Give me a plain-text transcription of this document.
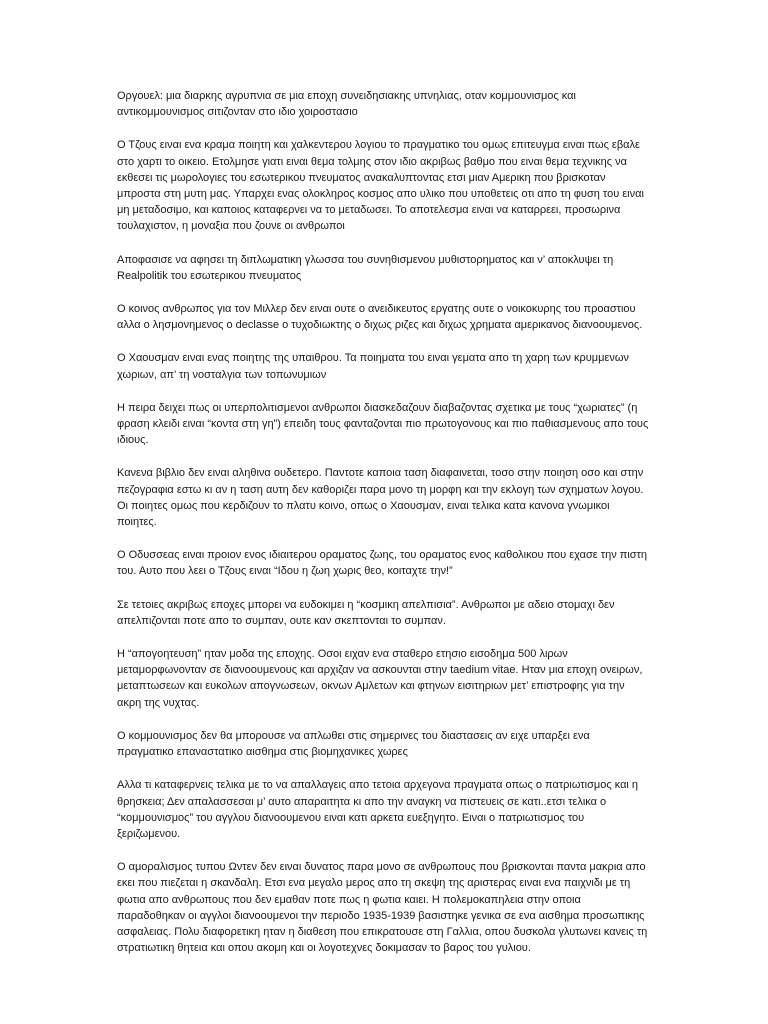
Οργουελ: μια διαρκης αγρυπνια σε μια εποχη συνειδησιακης υπνηλιας, οταν κομμουνισμος και αντικομμουνισμος σιτιζονταν στο ιδιο χοιροστασιο

Ο Τζους ειναι ενα κραμα ποιητη και χαλκεντερου λογιου το πραγματικο του ομως επιτευγμα ειναι πως εβαλε στο χαρτι το οικειο. Ετολμησε γιατι ειναι θεμα τολμης στον ιδιο ακριβως βαθμο που ειναι θεμα τεχνικης να εκθεσει τις μωρολογιες του εσωτερικου πνευματος ανακαλυπτοντας ετσι μιαν Αμερικη που βρισκοταν μπροστα στη μυτη μας. Υπαρχει ενας ολοκληρος κοσμος απο υλικο που υποθετεις οτι απο τη φυση του ειναι μη μεταδοσιμο, και καποιος καταφερνει να το μεταδωσει. Το αποτελεσμα ειναι να καταρρεει, προσωρινα τουλαχιστον, η μοναξια που ζουνε οι ανθρωποι

Αποφασισε να αφησει τη διπλωματικη γλωσσα του συνηθισμενου μυθιστορηματος και ν’ αποκλυψει τη Realpolitik του εσωτερικου πνευματος

Ο κοινος ανθρωπος για τον Μιλλερ δεν ειναι ουτε ο ανειδικευτος εργατης ουτε ο νοικοκυρης του προαστιου αλλα ο λησμονημενος ο declasse ο τυχοδιωκτης ο διχως ριζες και διχως χρηματα αμερικανος διανοουμενος.

Ο Χαουσμαν ειναι ενας ποιητης της υπαιθρου. Τα ποιηματα του ειναι γεματα απο τη χαρη των κρυμμενων χωριων, απ’ τη νοσταλγια των τοπωνυμιων

Η πειρα δειχει πως οι υπερπολιτισμενοι ανθρωποι διασκεδαζουν διαβαζοντας σχετικα με τους “χωριατες” (η φραση κλειδι ειναι “κοντα στη γη”) επειδη τους φανταζονται πιο πρωτογονους και πιο παθιασμενους απο τους ιδιους.

Κανενα βιβλιο δεν ειναι αληθινα ουδετερο. Παντοτε καποια ταση διαφαινεται, τοσο στην ποιηση οσο και στην πεζογραφια εστω κι αν η ταση αυτη δεν καθοριζει παρα μονο τη μορφη και την εκλογη των σχηματων λογου. Οι ποιητες ομως που κερδιζουν το πλατυ κοινο, οπως ο Χαουσμαν, ειναι τελικα κατα κανονα γνωμικοι ποιητες.

Ο Οδυσσεας ειναι προιον ενος ιδιαιτερου οραματος ζωης, του οραματος ενος καθολικου που εχασε την πιστη του. Αυτο που λεει ο Τζους ειναι “Ιδου η ζωη χωρις θεο, κοιταχτε την!”

Σε τετοιες ακριβως εποχες μπορει να ευδοκιμει η “κοσμικη απελπισια”. Ανθρωποι με αδειο στομαχι δεν απελπιζονται ποτε απο το συμπαν, ουτε καν σκεπτονται το συμπαν.

Η “απογοητευση” ηταν μοδα της εποχης. Οσοι ειχαν ενα σταθερο ετησιο εισοδημα 500 λιρων μεταμορφωνονταν σε διανοουμενους και αρχιζαν να ασκουνται στην taedium vitae. Ηταν μια εποχη ονειρων, μεταπτωσεων και ευκολων απογνωσεων, οκνων Αμλετων και φτηνων εισιτηριων μετ’ επιστροφης για την ακρη της νυχτας.

Ο κομμουνισμος δεν θα μπορουσε να απλωθει στις σημερινες του διαστασεις αν ειχε υπαρξει ενα πραγματικο επαναστατικο αισθημα στις βιομηχανικες χωρες

Αλλα τι καταφερνεις τελικα με το να απαλλαγεις απο τετοια αρχεγονα πραγματα οπως ο πατριωτισμος και η θρησκεια; Δεν απαλασσεσαι μ’ αυτο απαραιτητα κι απο την αναγκη να πιστευεις σε κατι..ετσι τελικα ο “κομμουνισμος” του αγγλου διανοουμενου ειναι κατι αρκετα ευεξηγητο. Ειναι ο πατριωτισμος του ξεριζωμενου.

Ο αμοραλισμος τυπου Ωντεν δεν ειναι δυνατος παρα μονο σε ανθρωπους που βρισκονται παντα μακρια απο εκει που πιεζεται η σκανδαλη. Ετσι ενα μεγαλο μερος απο τη σκεψη της αριστερας ειναι ενα παιχνιδι με τη φωτια απο ανθρωπους που δεν εμαθαν ποτε πως η φωτια καιει. Η πολεμοκαπηλεια στην οποια παραδοθηκαν οι αγγλοι διανοουμενοι την περιοδο 1935-1939 βασιστηκε γενικα σε ενα αισθημα προσωπικης ασφαλειας. Πολυ διαφορετικη ηταν η διαθεση που επικρατουσε στη Γαλλια, οπου δυσκολα γλυτωνει κανεις τη στρατιωτικη θητεια και οπου ακομη και οι λογοτεχνες δοκιμασαν το βαρος του γυλιου.
